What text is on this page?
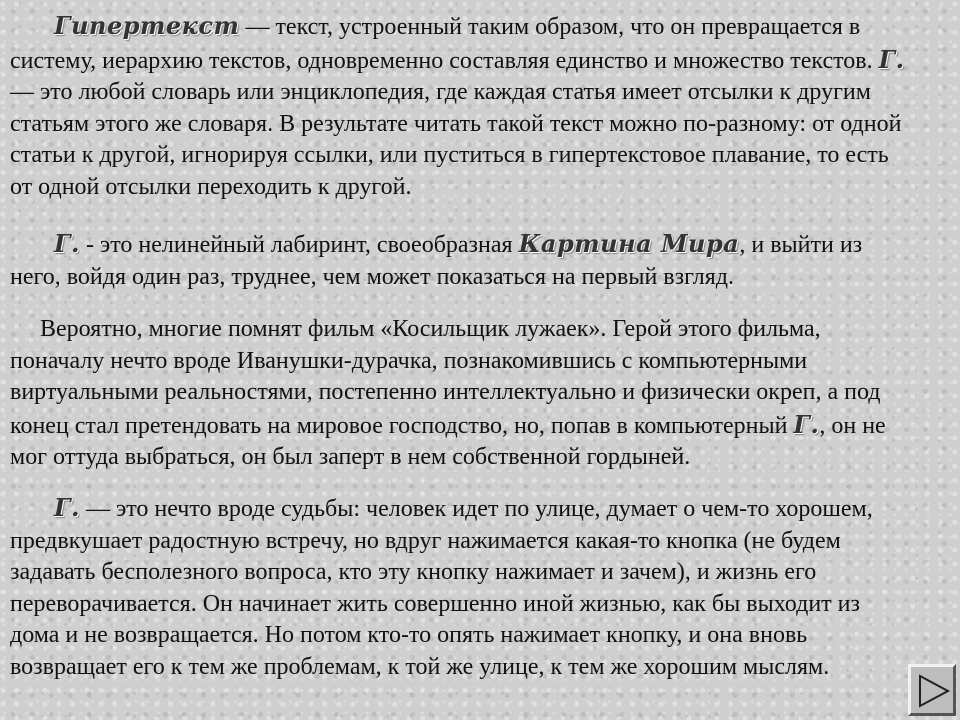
Гипертекст — текст, устроенный таким образом, что он превращается в систему, иерархию текстов, одновременно составляя единство и множество текстов. Г. — это любой словарь или энциклопедия, где каждая статья имеет отсылки к другим статьям этого же словаря. В результате читать такой текст можно по-разному: от одной статьи к другой, игнорируя ссылки, или пуститься в гипертекстовое плавание, то есть от одной отсылки переходить к другой.

Г. - это нелинейный лабиринт, своеобразная Картина Мира, и выйти из него, войдя один раз, труднее, чем может показаться на первый взгляд.

Вероятно, многие помнят фильм «Косильщик лужаек». Герой этого фильма, поначалу нечто вроде Иванушки-дурачка, познакомившись с компьютерными виртуальными реальностями, постепенно интеллектуально и физически окреп, а под конец стал претендовать на мировое господство, но, попав в компьютерный Г., он не мог оттуда выбраться, он был заперт в нем собственной гордыней.

Г. — это нечто вроде судьбы: человек идет по улице, думает о чем-то хорошем, предвкушает радостную встречу, но вдруг нажимается какая-то кнопка (не будем задавать бесполезного вопроса, кто эту кнопку нажимает и зачем), и жизнь его переворачивается. Он начинает жить совершенно иной жизнью, как бы выходит из дома и не возвращается. Но потом кто-то опять нажимает кнопку, и она вновь возвращает его к тем же проблемам, к той же улице, к тем же хорошим мыслям.
